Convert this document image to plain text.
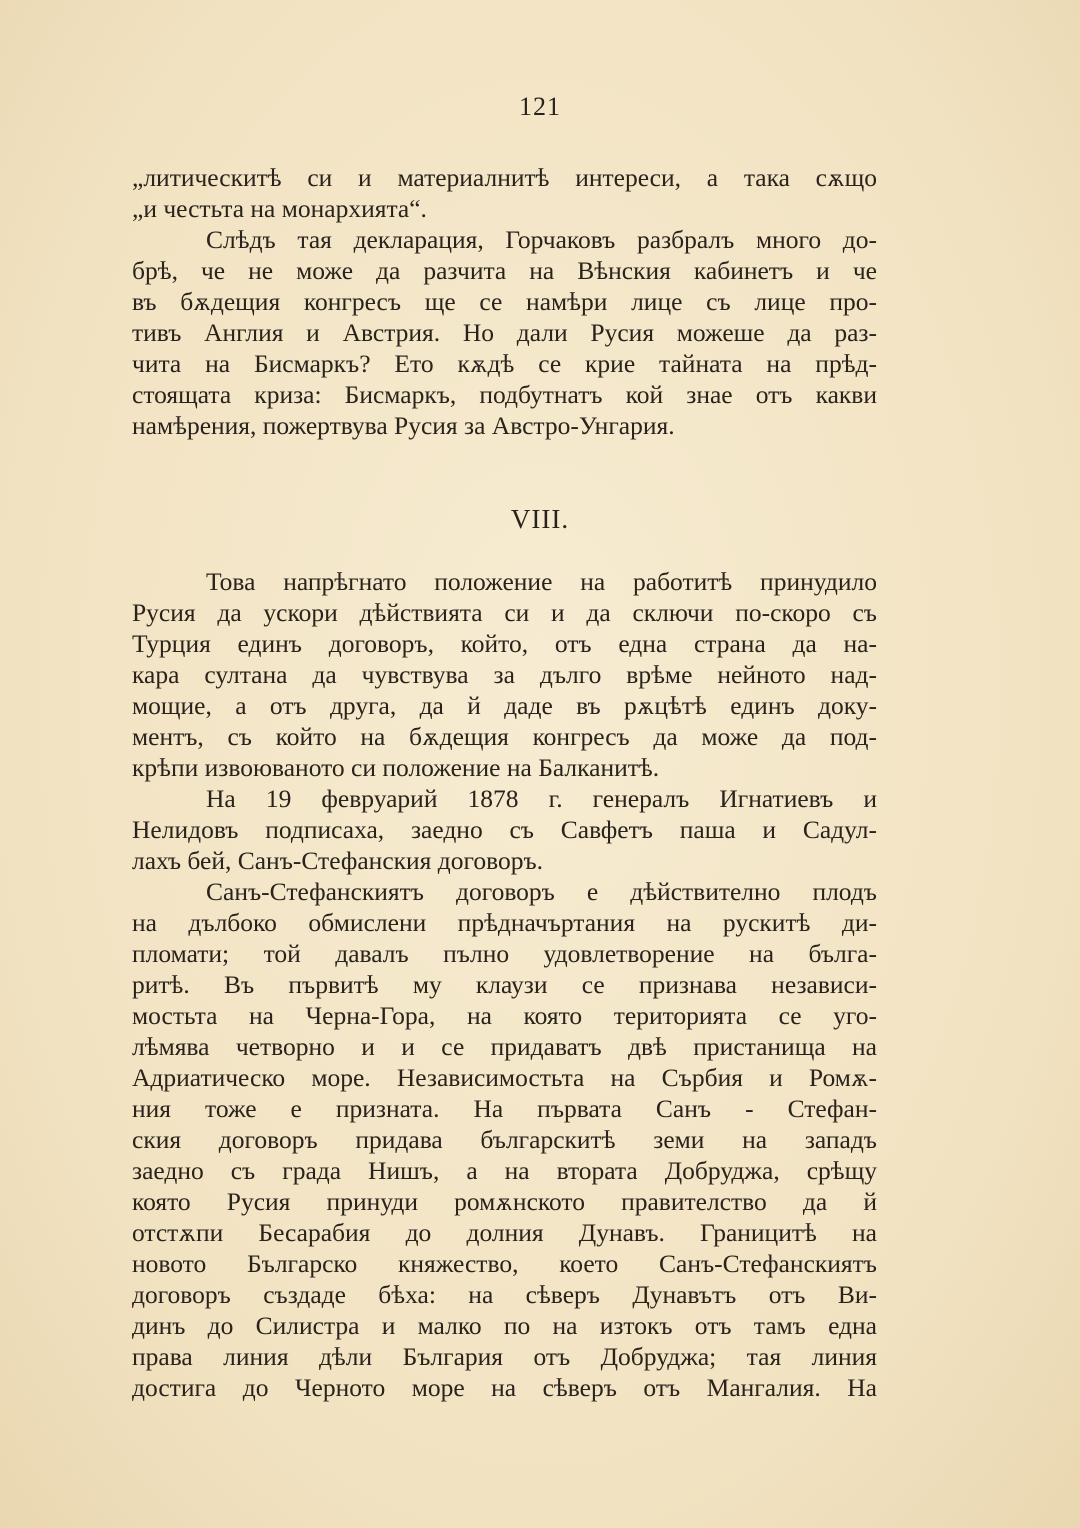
121
„литическитѣ си и материалнитѣ интереси, а така сѫщо
„и честьта на монархията“.
Слѣдъ тая декларация, Горчаковъ разбралъ много до-
брѣ, че не може да разчита на Вѣнския кабинетъ и че
въ бѫдещия конгресъ ще се намѣри лице съ лице про-
тивъ Англия и Австрия. Но дали Русия можеше да раз-
чита на Бисмаркъ? Ето кѫдѣ се крие тайната на прѣд-
стоящата криза: Бисмаркъ, подбутнатъ кой знае отъ какви
намѣрения, пожертвува Русия за Австро-Унгария.
VIII.
Това напрѣгнато положение на работитѣ принудило
Русия да ускори дѣйствията си и да сключи по-скоро съ
Турция единъ договоръ, който, отъ една страна да на-
кара султана да чувствува за дълго врѣме нейното над-
мощие, а отъ друга, да й даде въ рѫцѣтѣ единъ доку-
ментъ, съ който на бѫдещия конгресъ да може да под-
крѣпи извоюваното си положение на Балканитѣ.
На 19 февруарий 1878 г. генералъ Игнатиевъ и
Нелидовъ подписаха, заедно съ Савфетъ паша и Садул-
лахъ бей, Санъ-Стефанския договоръ.
Санъ-Стефанскиятъ договоръ е дѣйствително плодъ
на дълбоко обмислени прѣдначъртания на рускитѣ ди-
пломати; той давалъ пълно удовлетворение на бълга-
ритѣ. Въ първитѣ му клаузи се признава независи-
мостьта на Черна-Гора, на която територията се уго-
лѣмява четворно и и се придаватъ двѣ пристанища на
Адриатическо море. Независимостьта на Сърбия и Ромѫ-
ния тоже е призната. На първата Санъ - Стефан-
ския договоръ придава българскитѣ земи на западъ
заедно съ града Нишъ, а на втората Добруджа, срѣщу
която Русия принуди ромѫнското правителство да й
отстѫпи Бесарабия до долния Дунавъ. Границитѣ на
новото Българско княжество, което Санъ-Стефанскиятъ
договоръ създаде бѣха: на сѣверъ Дунавътъ отъ Ви-
динъ до Силистра и малко по на изтокъ отъ тамъ една
права линия дѣли България отъ Добруджа; тая линия
достига до Черното море на сѣверъ отъ Мангалия. На
